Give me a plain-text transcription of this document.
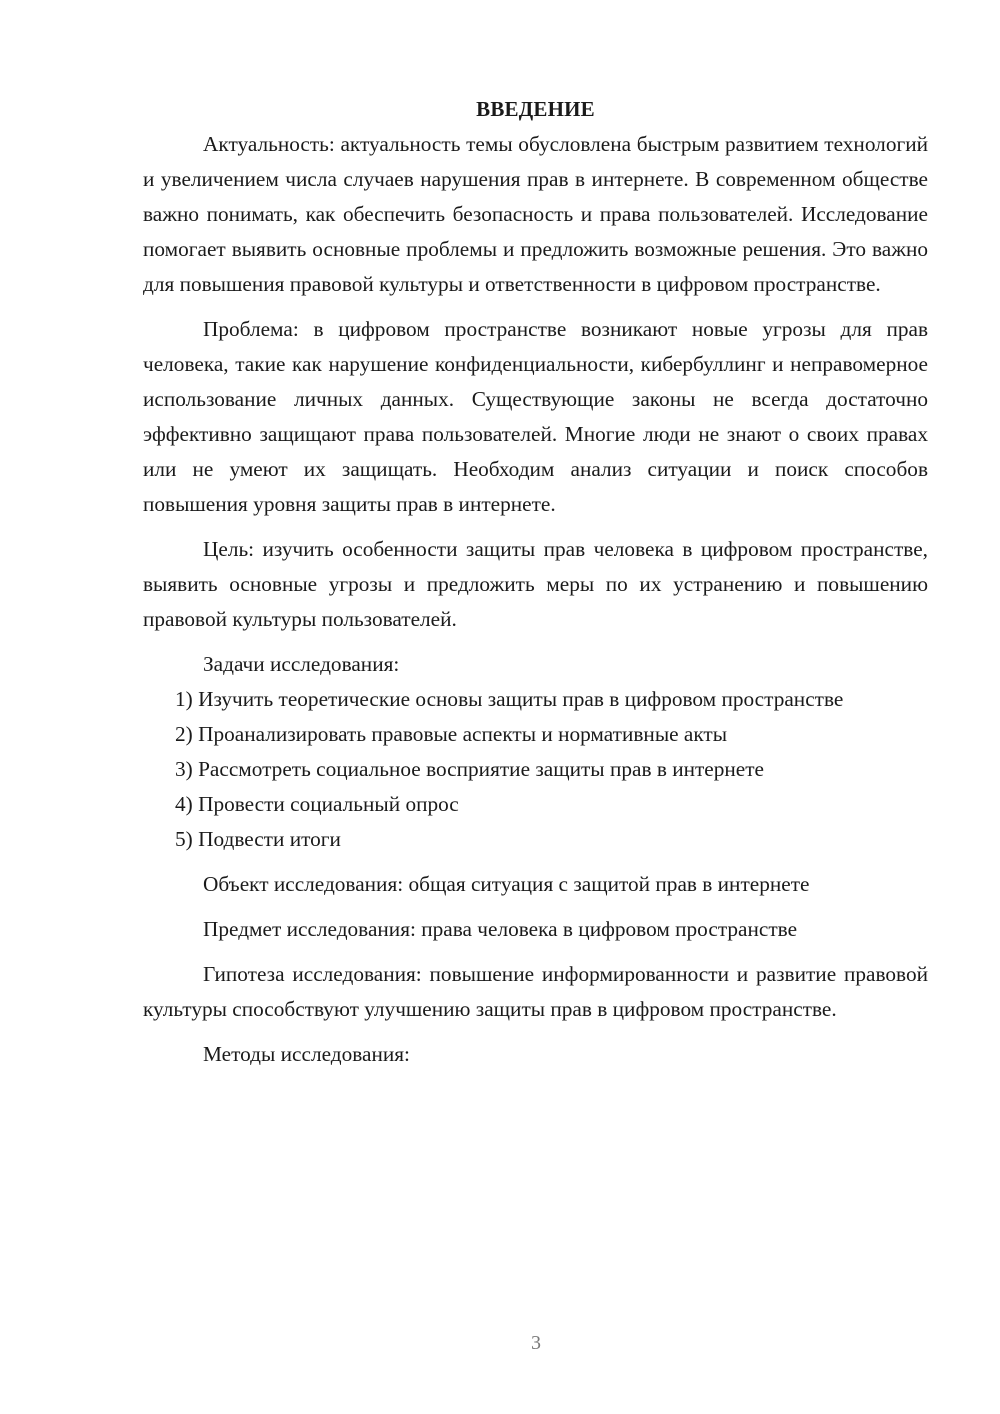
ВВЕДЕНИЕ

Актуальность: актуальность темы обусловлена быстрым развитием технологий и увеличением числа случаев нарушения прав в интернете. В современном обществе важно понимать, как обеспечить безопасность и права пользователей. Исследование помогает выявить основные проблемы и предложить возможные решения. Это важно для повышения правовой культуры и ответственности в цифровом пространстве.

Проблема: в цифровом пространстве возникают новые угрозы для прав человека, такие как нарушение конфиденциальности, кибербуллинг и неправомерное использование личных данных. Существующие законы не всегда достаточно эффективно защищают права пользователей. Многие люди не знают о своих правах или не умеют их защищать. Необходим анализ ситуации и поиск способов повышения уровня защиты прав в интернете.

Цель: изучить особенности защиты прав человека в цифровом пространстве, выявить основные угрозы и предложить меры по их устранению и повышению правовой культуры пользователей.

Задачи исследования:

1) Изучить теоретические основы защиты прав в цифровом пространстве

2) Проанализировать правовые аспекты и нормативные акты

3) Рассмотреть социальное восприятие защиты прав в интернете

4) Провести социальный опрос

5) Подвести итоги

Объект исследования: общая ситуация с защитой прав в интернете

Предмет исследования: права человека в цифровом пространстве

Гипотеза исследования: повышение информированности и развитие правовой культуры способствуют улучшению защиты прав в цифровом пространстве.

Методы исследования:

3
